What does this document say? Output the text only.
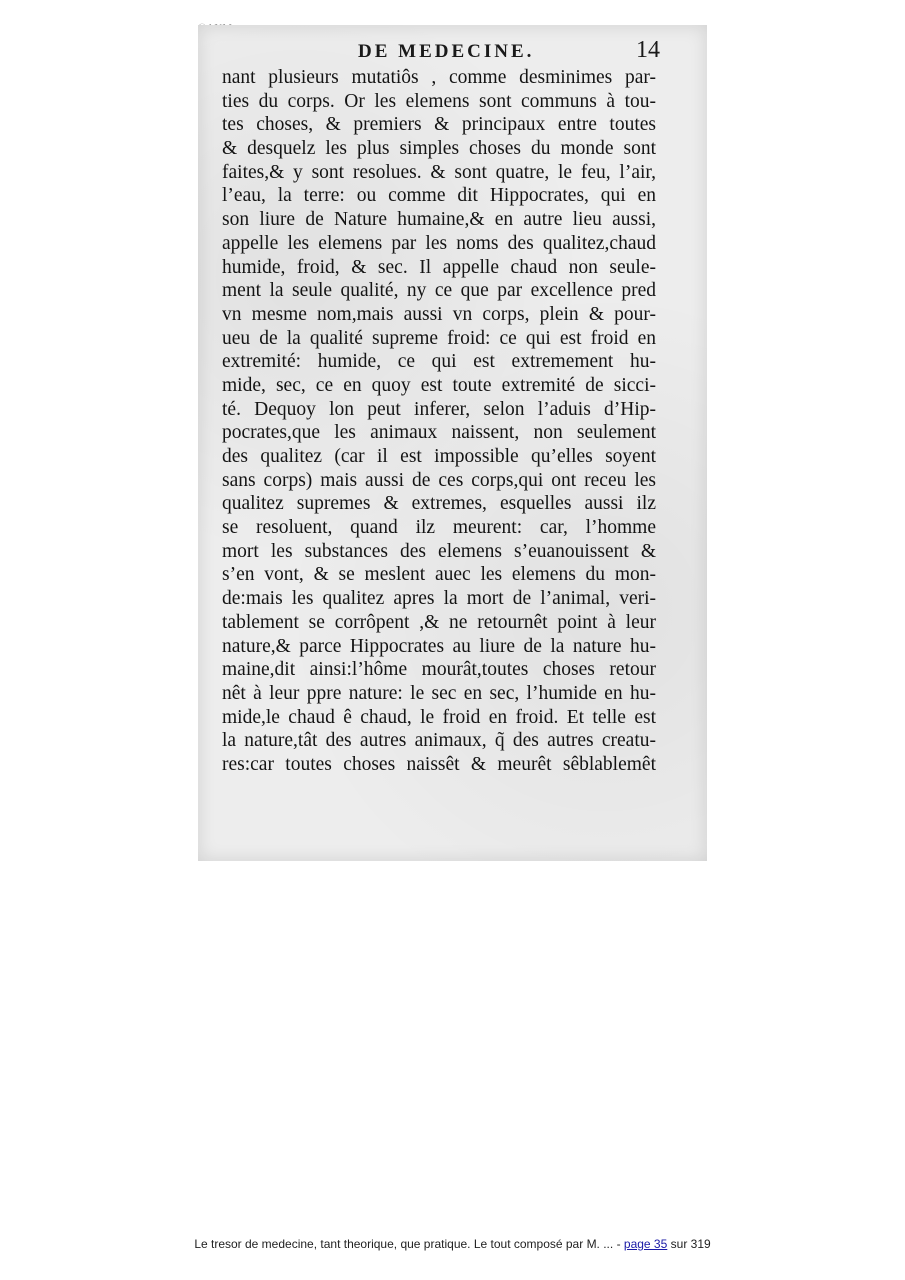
DE MEDECINE.	14
nant plusieurs mutatiôs , comme desminimes par-
ties du corps. Or les elemens sont communs à tou-
tes choses, & premiers & principaux entre toutes
& desquelz les plus simples choses du monde sont
faites,& y sont resolues. & sont quatre, le feu, l’air,
l’eau, la terre: ou comme dit Hippocrates, qui en
son liure de Nature humaine,& en autre lieu aussi,
appelle les elemens par les noms des qualitez,chaud
humide, froid, & sec. Il appelle chaud non seule-
ment la seule qualité, ny ce que par excellence pred
vn mesme nom,mais aussi vn corps, plein & pour-
ueu de la qualité supreme froid: ce qui est froid en
extremité: humide, ce qui est extremement hu-
mide, sec, ce en quoy est toute extremité de sicci-
té. Dequoy lon peut inferer, selon l’aduis d’Hip-
pocrates,que les animaux naissent, non seulement
des qualitez (car il est impossible qu’elles soyent
sans corps) mais aussi de ces corps,qui ont receu les
qualitez supremes & extremes, esquelles aussi ilz
se resoluent, quand ilz meurent: car, l’homme
mort les substances des elemens s’euanouissent &
s’en vont, & se meslent auec les elemens du mon-
de:mais les qualitez apres la mort de l’animal, veri-
tablement se corrôpent ,& ne retournêt point à leur
nature,& parce Hippocrates au liure de la nature hu-
maine,dit ainsi:l’hôme mourât,toutes choses retour
nêt à leur ppre nature: le sec en sec, l’humide en hu-
mide,le chaud ê chaud, le froid en froid. Et telle est
la nature,tât des autres animaux, q̃ des autres creatu-
res:car toutes choses naissêt & meurêt sêblablemêt
Le tresor de medecine, tant theorique, que pratique. Le tout composé par M. ... - page 35 sur 319
